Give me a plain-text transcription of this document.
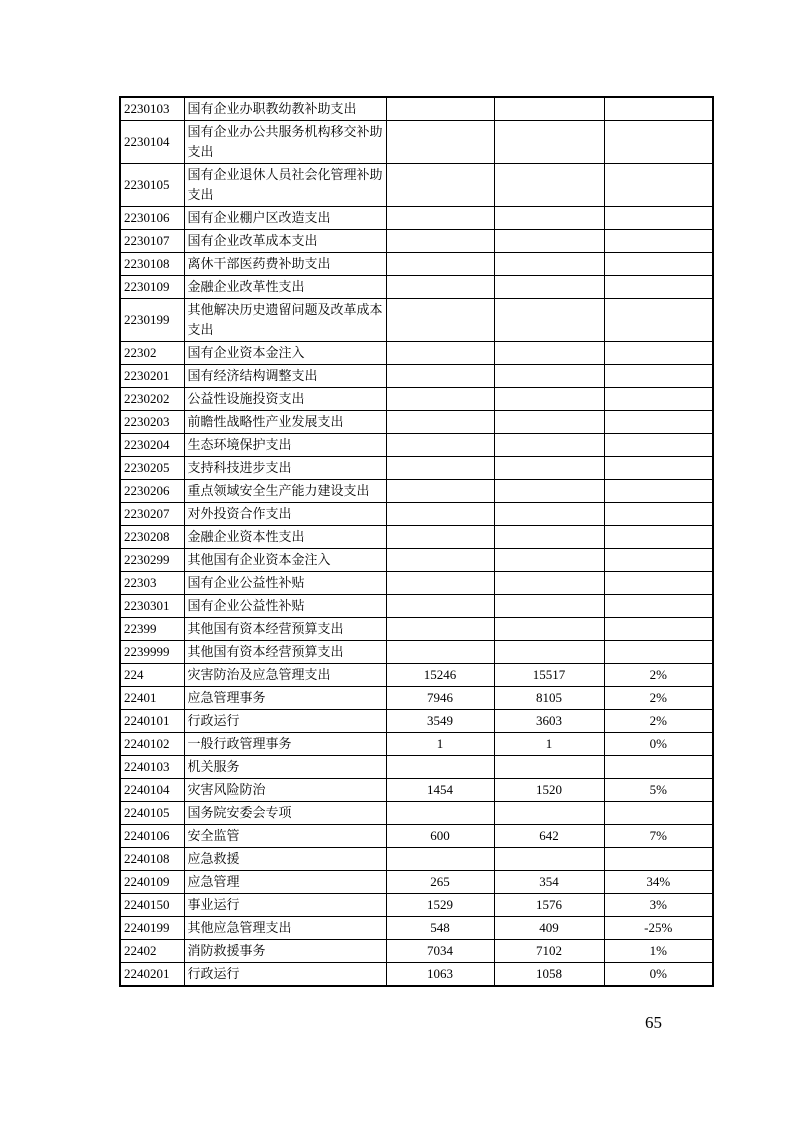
2230103	国有企业办职教幼教补助支出			
2230104	国有企业办公共服务机构移交补助支出			
2230105	国有企业退休人员社会化管理补助支出			
2230106	国有企业棚户区改造支出			
2230107	国有企业改革成本支出			
2230108	离休干部医药费补助支出			
2230109	金融企业改革性支出			
2230199	其他解决历史遗留问题及改革成本支出			
22302	国有企业资本金注入			
2230201	国有经济结构调整支出			
2230202	公益性设施投资支出			
2230203	前瞻性战略性产业发展支出			
2230204	生态环境保护支出			
2230205	支持科技进步支出			
2230206	重点领域安全生产能力建设支出			
2230207	对外投资合作支出			
2230208	金融企业资本性支出			
2230299	其他国有企业资本金注入			
22303	国有企业公益性补贴			
2230301	国有企业公益性补贴			
22399	其他国有资本经营预算支出			
2239999	其他国有资本经营预算支出			
224	灾害防治及应急管理支出	15246	15517	2%
22401	应急管理事务	7946	8105	2%
2240101	行政运行	3549	3603	2%
2240102	一般行政管理事务	1	1	0%
2240103	机关服务			
2240104	灾害风险防治	1454	1520	5%
2240105	国务院安委会专项			
2240106	安全监管	600	642	7%
2240108	应急救援			
2240109	应急管理	265	354	34%
2240150	事业运行	1529	1576	3%
2240199	其他应急管理支出	548	409	-25%
22402	消防救援事务	7034	7102	1%
2240201	行政运行	1063	1058	0%
65
